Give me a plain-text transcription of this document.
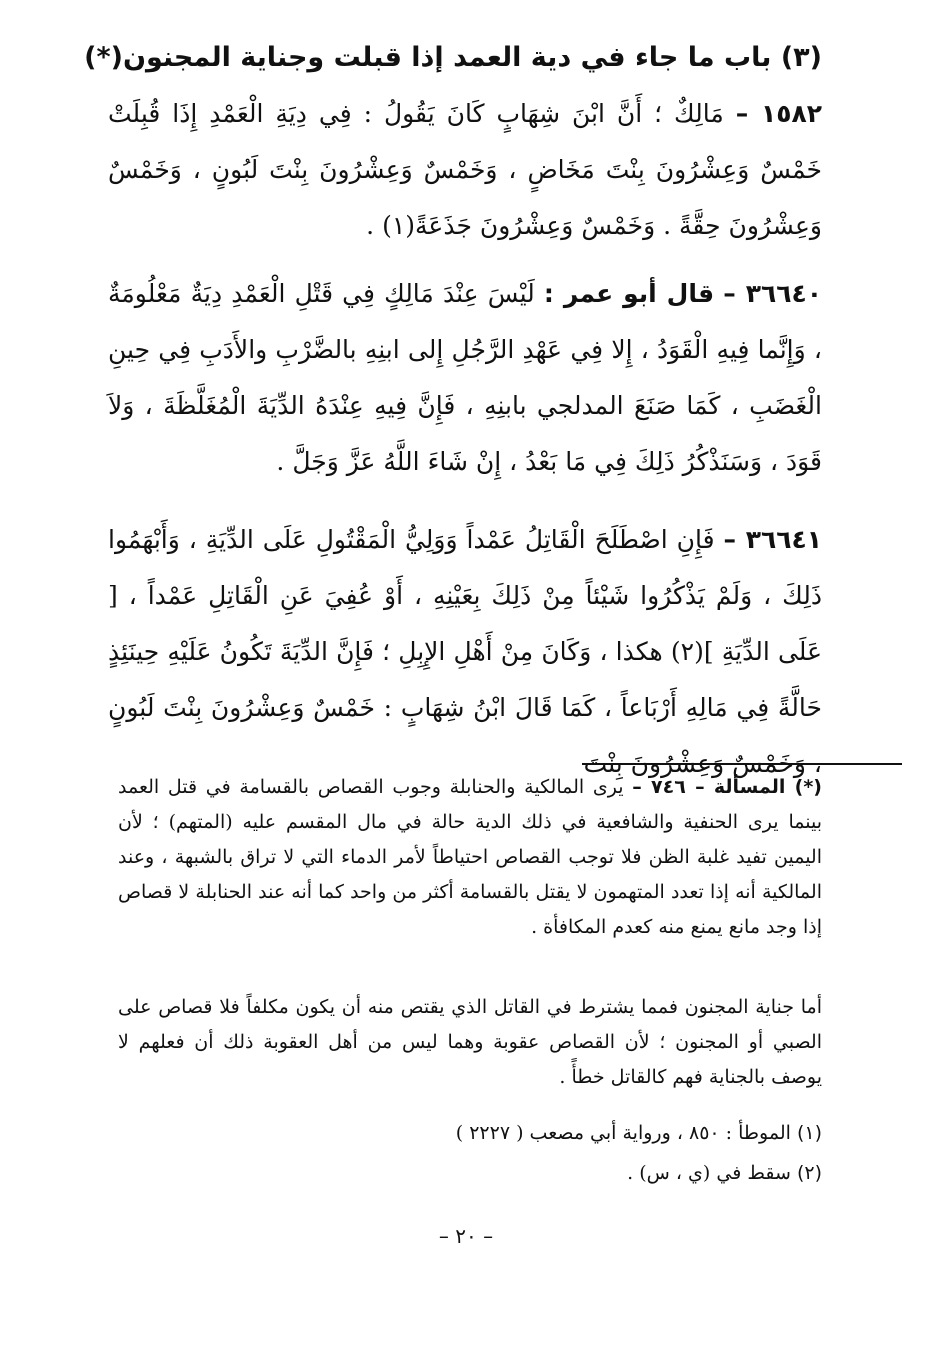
(٣) باب ما جاء في دية العمد إذا قبلت وجناية المجنون(*)
١٥٨٢ – مَالِكٌ ؛ أَنَّ ابْنَ شِهَابٍ كَانَ يَقُولُ : فِي دِيَةِ الْعَمْدِ إِذَا قُبِلَتْ خَمْسٌ وَعِشْرُونَ بِنْتَ مَخَاضٍ ، وَخَمْسٌ وَعِشْرُونَ بِنْتَ لَبُونٍ ، وَخَمْسٌ وَعِشْرُونَ حِقَّةً . وَخَمْسٌ وَعِشْرُونَ جَذَعَةً(١) .
٣٦٦٤٠ – قال أبو عمر : لَيْسَ عِنْدَ مَالِكٍ فِي قَتْلِ الْعَمْدِ دِيَةٌ مَعْلُومَةٌ ، وَإِنَّما فِيهِ الْقَوَدُ ، إِلا فِي عَهْدِ الرَّجُلِ إِلى ابنِهِ بالضَّرْبِ والأَدَبِ فِي حِينِ الْغَضَبِ ، كَمَا صَنَعَ المدلجي بابنِهِ ، فَإِنَّ فِيهِ عِنْدَهُ الدِّيَةَ الْمُغَلَّظَةَ ، وَلاَ قَوَدَ ، وَسَنَذْكُرُ ذَلِكَ فِي مَا بَعْدُ ، إِنْ شَاءَ اللَّهُ عَزَّ وَجَلَّ .
٣٦٦٤١ – فَإِنِ اصْطَلَحَ الْقَاتِلُ عَمْداً وَوَلِيُّ الْمَقْتُولِ عَلَى الدِّيَةِ ، وَأَبْهَمُوا ذَلِكَ ، وَلَمْ يَذْكُرُوا شَيْئاً مِنْ ذَلِكَ بِعَيْنِهِ ، أَوْ عُفِيَ عَنِ الْقَاتِلِ عَمْداً ، [ عَلَى الدِّيَةِ ](٢) هكذا ، وَكَانَ مِنْ أَهْلِ الإِبِلِ ؛ فَإِنَّ الدِّيَةَ تَكُونُ عَلَيْهِ حِينَئِذٍ حَالَّةً فِي مَالِهِ أَرْبَاعاً ، كَمَا قَالَ ابْنُ شِهَابٍ : خَمْسٌ وَعِشْرُونَ بِنْتَ لَبُونٍ ، وَخَمْسٌ وَعِشْرُونَ بِنْتَ
(*) المسألة – ٧٤٦ – يرى المالكية والحنابلة وجوب القصاص بالقسامة في قتل العمد بينما يرى الحنفية والشافعية في ذلك الدية حالة في مال المقسم عليه (المتهم) ؛ لأن اليمين تفيد غلبة الظن فلا توجب القصاص احتياطاً لأمر الدماء التي لا تراق بالشبهة ، وعند المالكية أنه إذا تعدد المتهمون لا يقتل بالقسامة أكثر من واحد كما أنه عند الحنابلة لا قصاص إذا وجد مانع يمنع منه كعدم المكافأة .
أما جناية المجنون فمما يشترط في القاتل الذي يقتص منه أن يكون مكلفاً فلا قصاص على الصبي أو المجنون ؛ لأن القصاص عقوبة وهما ليس من أهل العقوبة ذلك أن فعلهم لا يوصف بالجناية فهم كالقاتل خطأً .
(١) الموطأ : ٨٥٠ ، ورواية أبي مصعب ( ٢٢٢٧ )
(٢) سقط في (ي ، س) .
– ٢٠ –
